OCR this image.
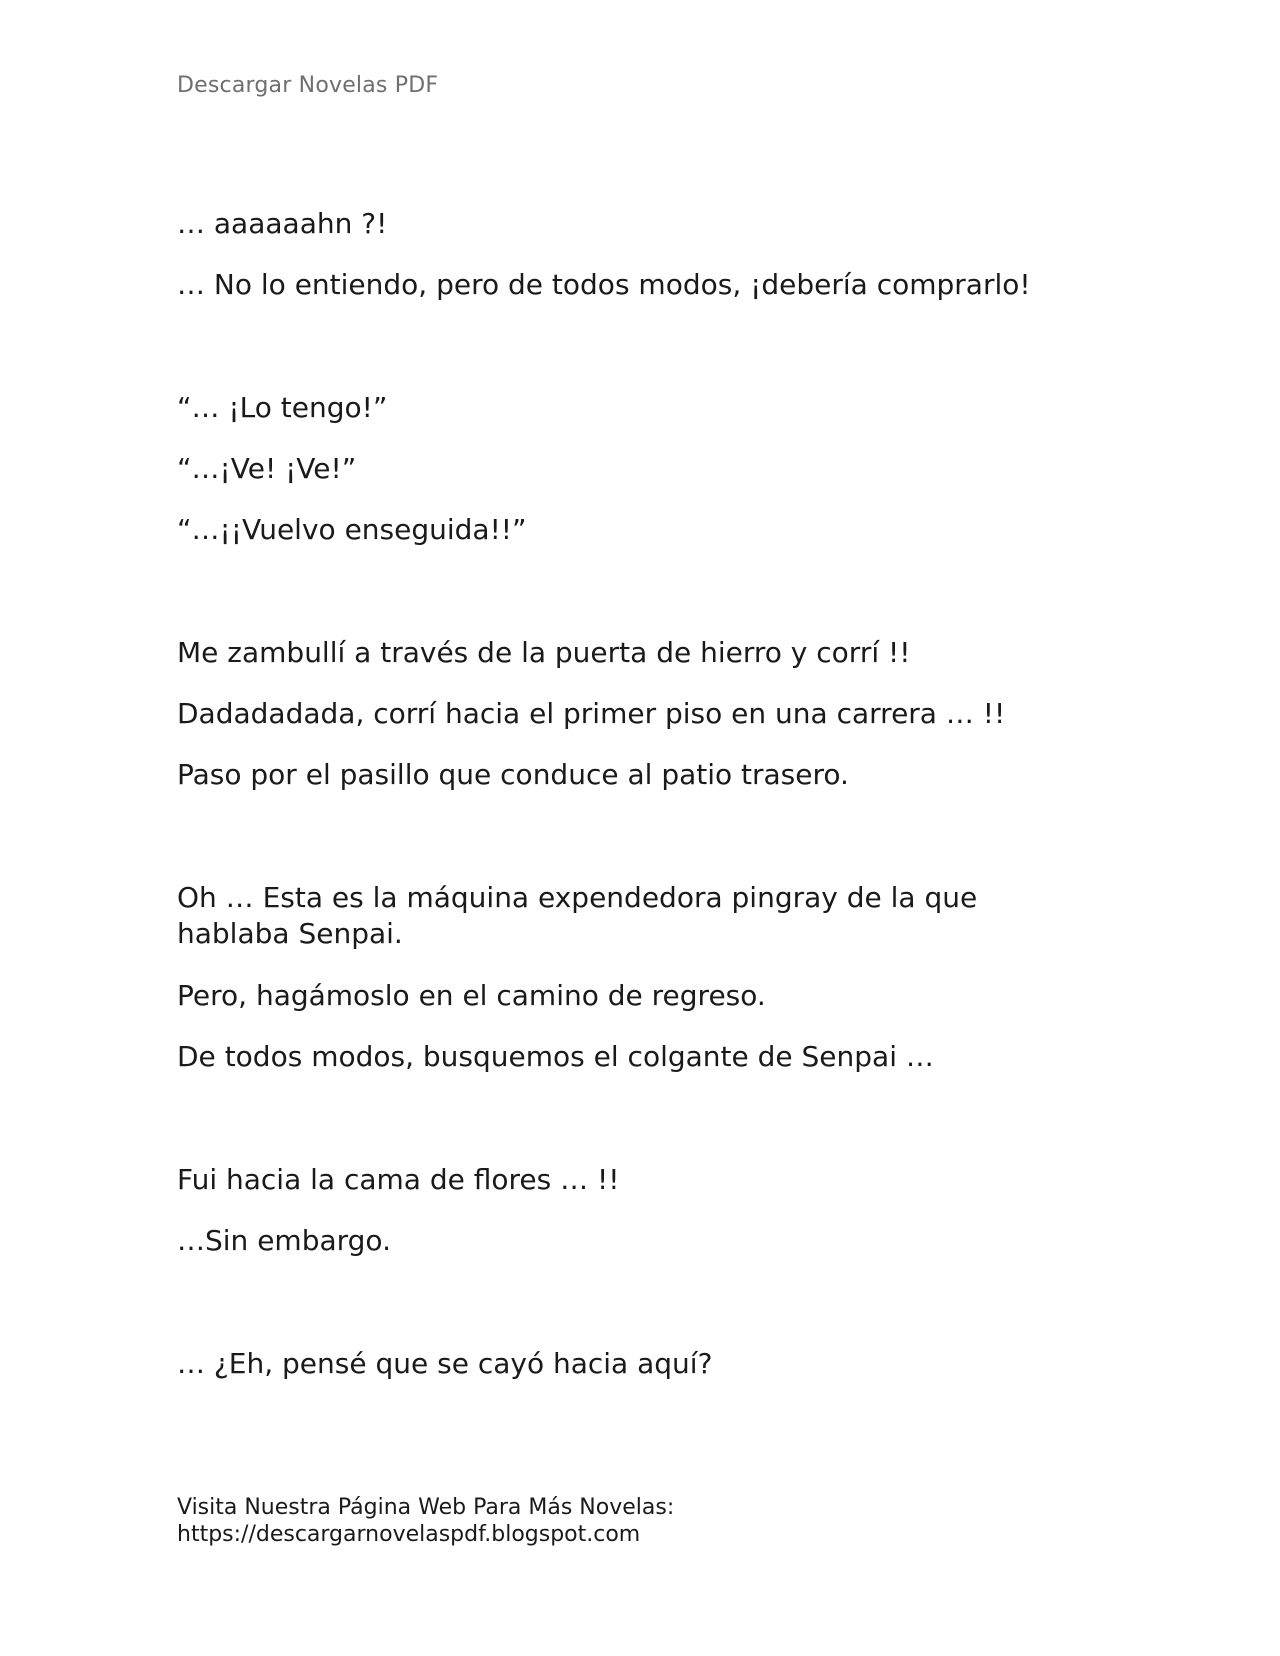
Descargar Novelas PDF
… aaaaaahn ?!
… No lo entiendo, pero de todos modos, ¡debería comprarlo!
“… ¡Lo tengo!”
“…¡Ve! ¡Ve!”
“…¡¡Vuelvo enseguida!!”
Me zambullí a través de la puerta de hierro y corrí !!
Dadadadada, corrí hacia el primer piso en una carrera … !!
Paso por el pasillo que conduce al patio trasero.
Oh … Esta es la máquina expendedora pingray de la que hablaba Senpai.
Pero, hagámoslo en el camino de regreso.
De todos modos, busquemos el colgante de Senpai …
Fui hacia la cama de flores … !!
…Sin embargo.
… ¿Eh, pensé que se cayó hacia aquí?
Visita Nuestra Página Web Para Más Novelas:
https://descargarnovelaspdf.blogspot.com
